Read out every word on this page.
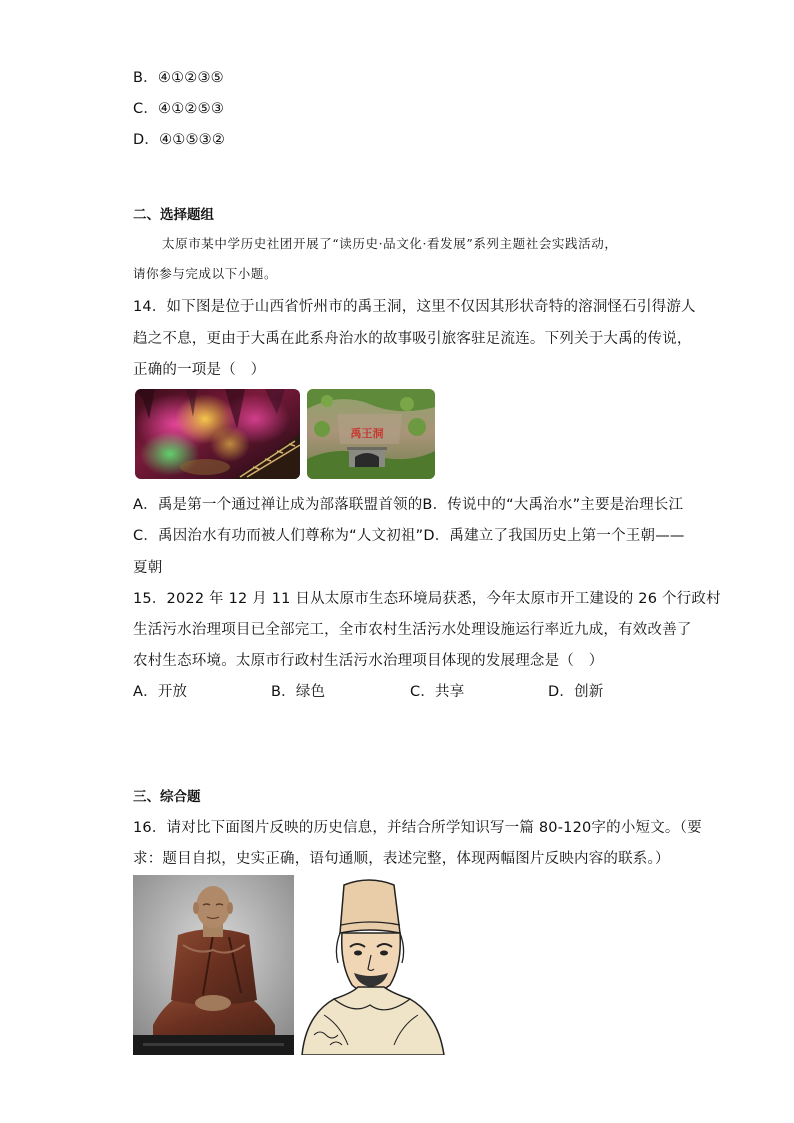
B．④①②③⑤
C．④①②⑤③
D．④①⑤③②
二、选择题组
太原市某中学历史社团开展了“读历史·品文化·看发展”系列主题社会实践活动，
请你参与完成以下小题。
14．如下图是位于山西省忻州市的禹王洞，这里不仅因其形状奇特的溶洞怪石引得游人
趋之不息，更由于大禹在此系舟治水的故事吸引旅客驻足流连。下列关于大禹的传说，
正确的一项是（　）
禹王洞
A．禹是第一个通过禅让成为部落联盟首领的B．传说中的“大禹治水”主要是治理长江
C．禹因治水有功而被人们尊称为“人文初祖”D．禹建立了我国历史上第一个王朝——
夏朝
15．2022 年 12 月 11 日从太原市生态环境局获悉，今年太原市开工建设的 26 个行政村
生活污水治理项目已全部完工，全市农村生活污水处理设施运行率近九成，有效改善了
农村生态环境。太原市行政村生活污水治理项目体现的发展理念是（　）
A．开放	B．绿色	C．共享	D．创新
三、综合题
16．请对比下面图片反映的历史信息，并结合所学知识写一篇 80-120字的小短文。（要
求：题目自拟，史实正确，语句通顺，表述完整，体现两幅图片反映内容的联系。）
